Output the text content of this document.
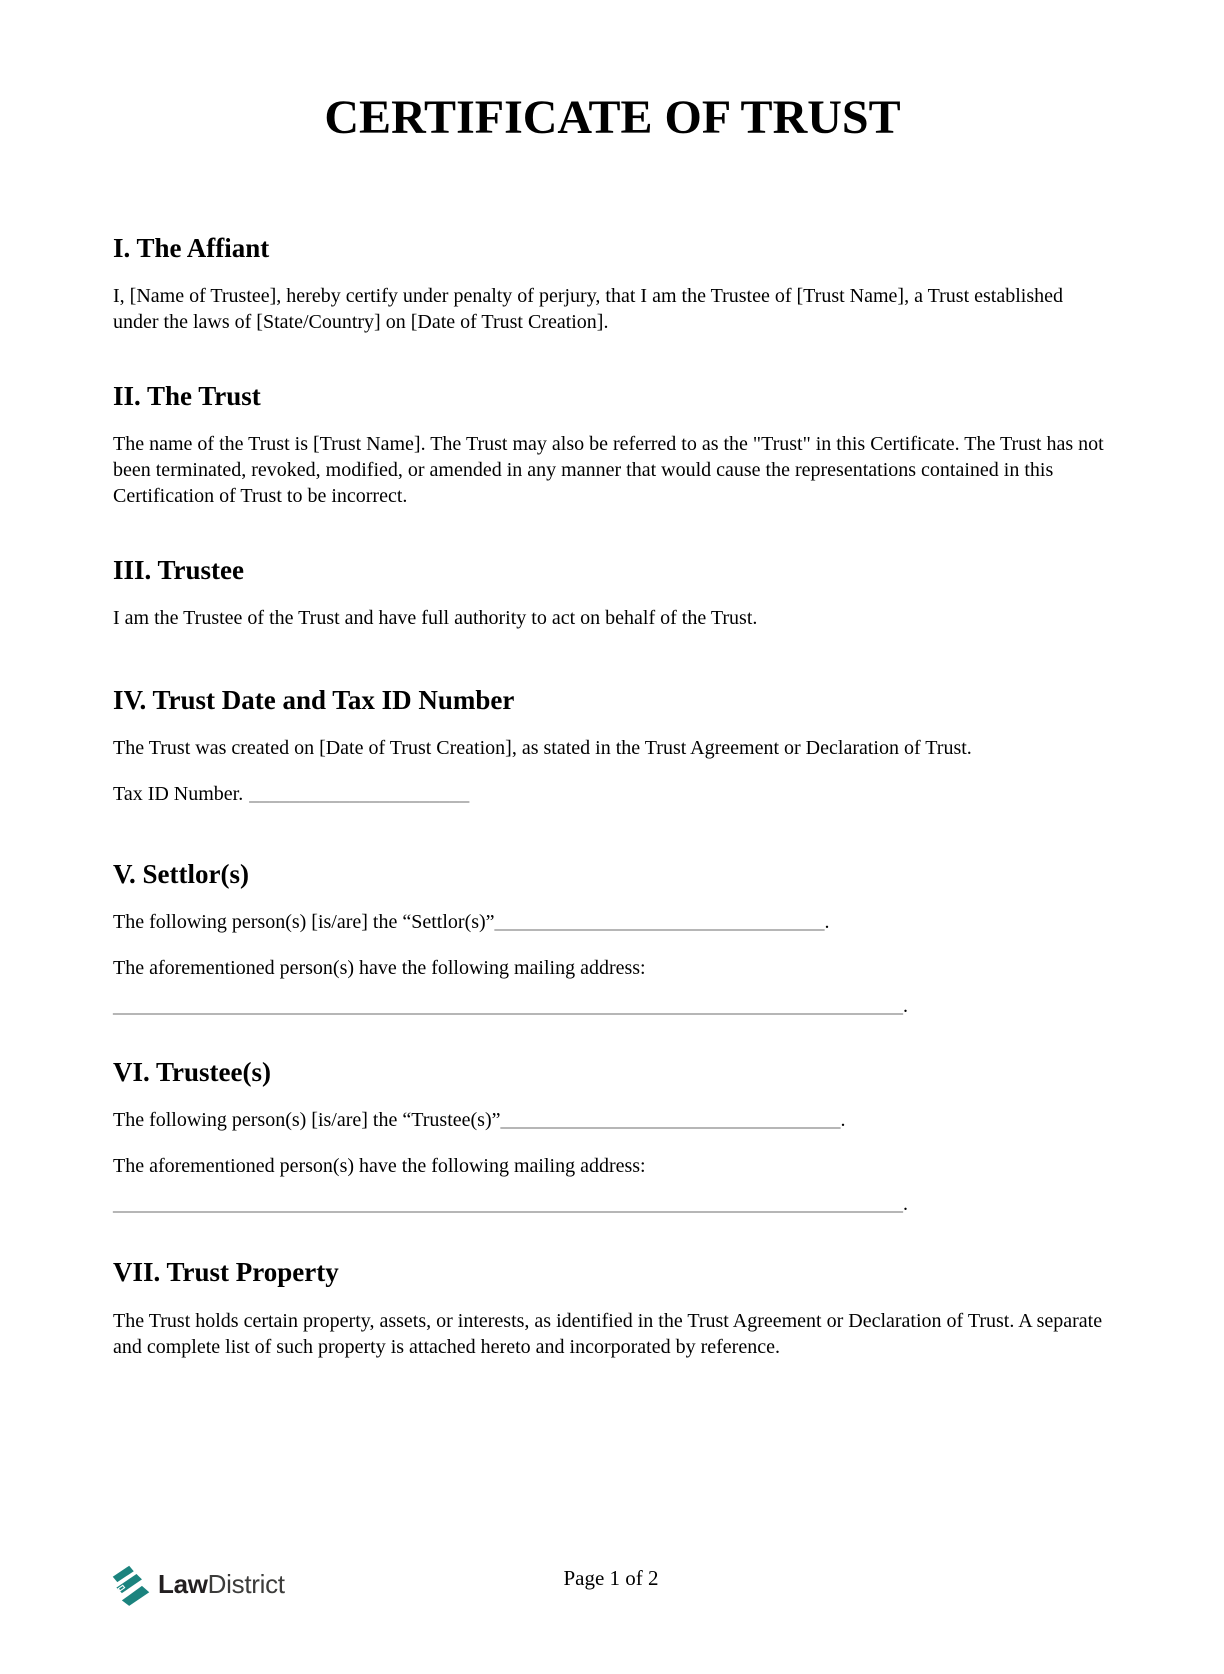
CERTIFICATE OF TRUST
I. The Affiant

I, [Name of Trustee], hereby certify under penalty of perjury, that I am the Trustee of [Trust Name], a Trust established under the laws of [State/Country] on [Date of Trust Creation].

II. The Trust

The name of the Trust is [Trust Name]. The Trust may also be referred to as the "Trust" in this Certificate. The Trust has not been terminated, revoked, modified, or amended in any manner that would cause the representations contained in this Certification of Trust to be incorrect.

III. Trustee

I am the Trustee of the Trust and have full authority to act on behalf of the Trust.

IV. Trust Date and Tax ID Number

The Trust was created on [Date of Trust Creation], as stated in the Trust Agreement or Declaration of Trust.

Tax ID Number. ______________________

V. Settlor(s)

The following person(s) [is/are] the “Settlor(s)”_________________________________.

The aforementioned person(s) have the following mailing address:

_______________________________________________________________________________.

VI. Trustee(s)

The following person(s) [is/are] the “Trustee(s)”__________________________________.

The aforementioned person(s) have the following mailing address:

_______________________________________________________________________________.

VII. Trust Property

The Trust holds certain property, assets, or interests, as identified in the Trust Agreement or Declaration of Trust. A separate and complete list of such property is attached hereto and incorporated by reference.

LawDistrict	Page 1 of 2
